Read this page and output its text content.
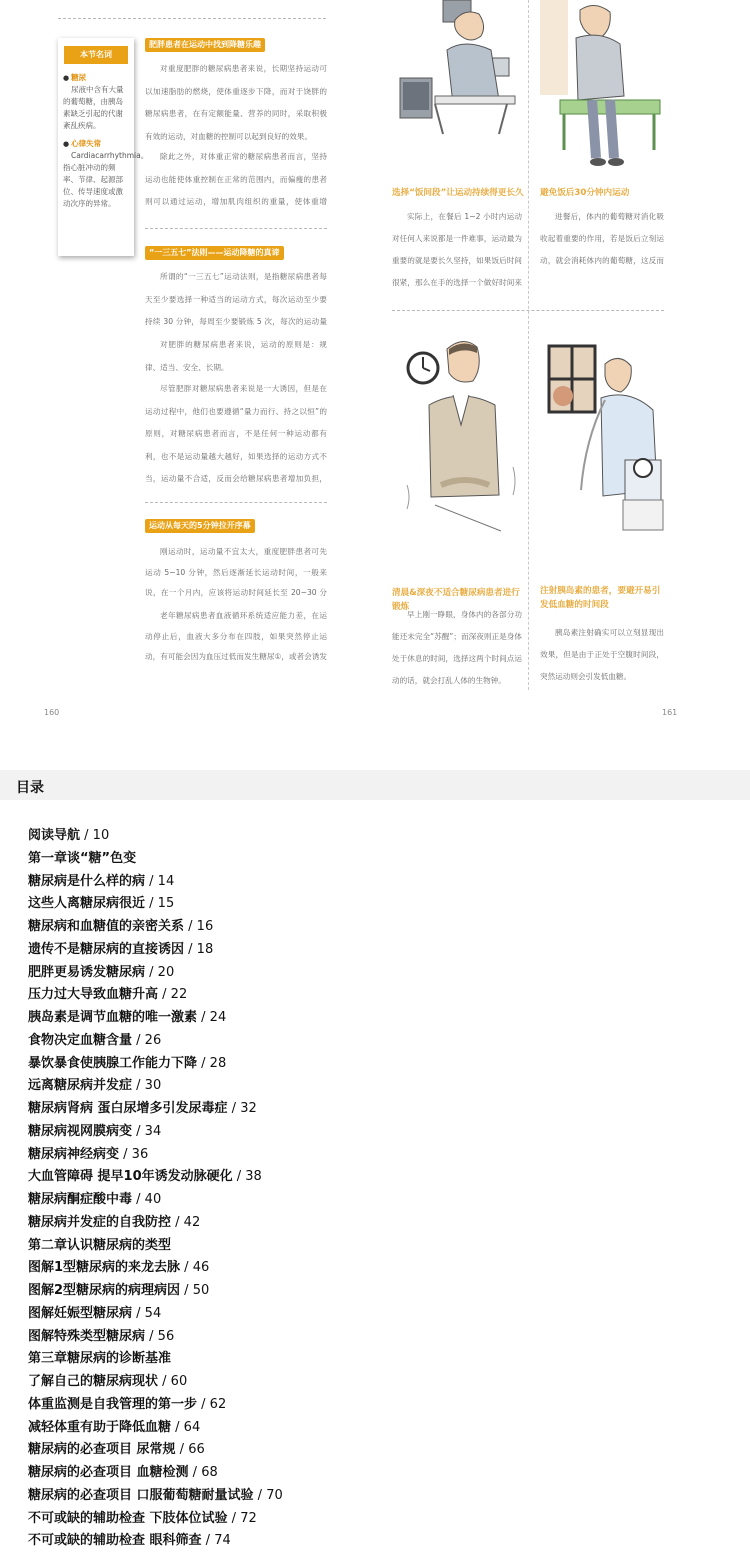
本节名词
● 糖尿
尿液中含有大量的葡萄糖，由胰岛素缺乏引起的代谢紊乱疾病。
● 心律失常
Cardiacarrhythmia。指心脏冲动的频率、节律、起源部位、传导速度或激动次序的异常。
肥胖患者在运动中找到降糖乐趣
对重度肥胖的糖尿病患者来说，长期坚持运动可以加速脂肪的燃烧，使体重逐步下降，而对于饶胖的糖尿病患者，在有定额能量、营养的同时，采取积极有效的运动，对血糖的控制可以起到良好的效果。
除此之外，对体重正常的糖尿病患者而言，坚持运动也能使体重控制在正常的范围内，而偏瘦的患者则可以通过运动，增加肌肉组织的重量，使体重增
“一三五七”法则——运动降糖的真谛
所谓的“一三五七”运动法则，是指糖尿病患者每天至少要选择一种适当的运动方式，每次运动至少要持续 30 分钟，每周至少要锻炼 5 次，每次的运动量
对肥胖的糖尿病患者来说，运动的原则是：规律、适当、安全、长期。
尽管肥胖对糖尿病患者来说是一大诱因，但是在运动过程中，他们也要遵循“量力而行、持之以恒”的原则，对糖尿病患者而言，不是任何一种运动都有利，也不是运动量越大越好，如果选择的运动方式不当，运动量不合适，反而会给糖尿病患者增加负担，
运动从每天的5分钟拉开序幕
刚运动时，运动量不宜太大，重度肥胖患者可先运动 5~10 分钟，然后逐渐延长运动时间，一般来说，在一个月内，应该将运动时间延长至 20~30 分
老年糖尿病患者血液循环系统适应能力差，在运动停止后，血液大多分布在四肢，如果突然停止运动，有可能会因为血压过低而发生糖尿①，或者会诱发
160
选择“饭间段”让运动持续得更长久
实际上，在餐后 1~2 小时内运动对任何人来说都是一件难事，运动最为重要的就是要长久坚持，如果饭后时间很紧，那么在手的选择一个做好时间来
避免饭后30分钟内运动
进餐后，体内的葡萄糖对消化吸收起着重要的作用，若是饭后立刻运动，就会消耗体内的葡萄糖，这反而
清晨&深夜不适合糖尿病患者进行锻炼
早上刚一睁眼，身体内的各部分功能还未完全“苏醒”；而深夜则正是身体处于休息的时间，选择这两个时间点运动的话，就会打乱人体的生物钟。
注射胰岛素的患者，要避开易引发低血糖的时间段
胰岛素注射确实可以立刻显现出效果，但是由于正处于空腹时间段，突然运动则会引发低血糖。
161
目录
阅读导航 / 10
第一章谈“糖”色变
糖尿病是什么样的病 / 14
这些人离糖尿病很近 / 15
糖尿病和血糖值的亲密关系 / 16
遗传不是糖尿病的直接诱因 / 18
肥胖更易诱发糖尿病 / 20
压力过大导致血糖升高 / 22
胰岛素是调节血糖的唯一激素 / 24
食物决定血糖含量 / 26
暴饮暴食使胰腺工作能力下降 / 28
远离糖尿病并发症 / 30
糖尿病肾病 蛋白尿增多引发尿毒症 / 32
糖尿病视网膜病变 / 34
糖尿病神经病变 / 36
大血管障碍 提早10年诱发动脉硬化 / 38
糖尿病酮症酸中毒 / 40
糖尿病并发症的自我防控 / 42
第二章认识糖尿病的类型
图解1型糖尿病的来龙去脉 / 46
图解2型糖尿病的病理病因 / 50
图解妊娠型糖尿病 / 54
图解特殊类型糖尿病 / 56
第三章糖尿病的诊断基准
了解自己的糖尿病现状 / 60
体重监测是自我管理的第一步 / 62
减轻体重有助于降低血糖 / 64
糖尿病的必查项目 尿常规 / 66
糖尿病的必查项目 血糖检测 / 68
糖尿病的必查项目 口服葡萄糖耐量试验 / 70
不可或缺的辅助检查 下肢体位试验 / 72
不可或缺的辅助检查 眼科筛查 / 74
